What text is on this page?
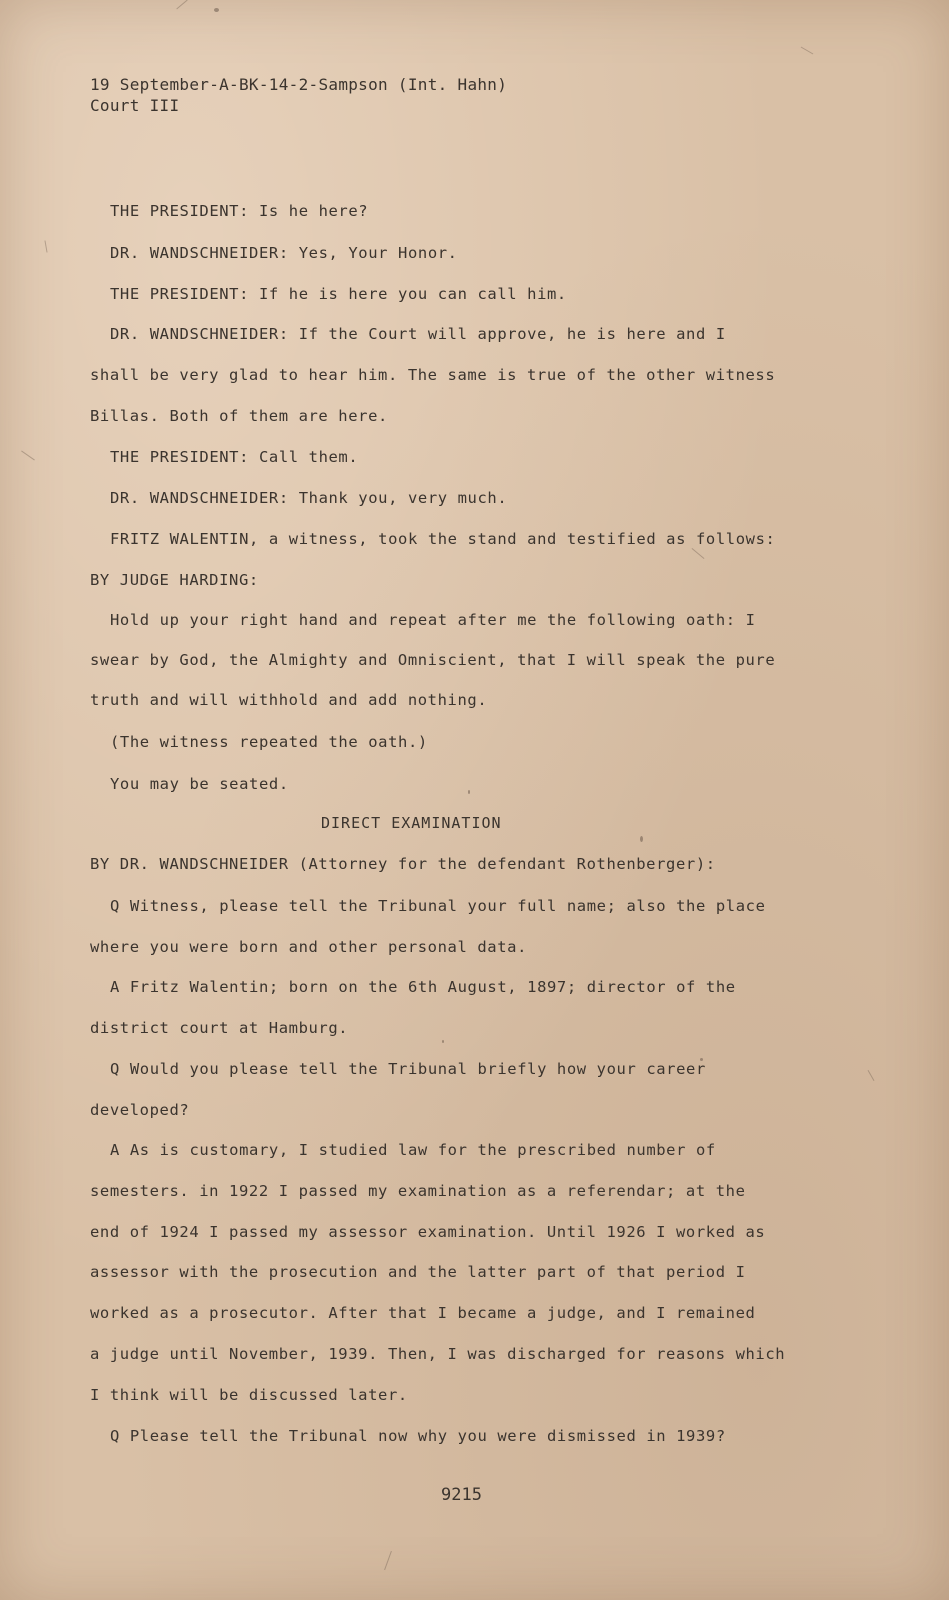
19 September-A-BK-14-2-Sampson (Int. Hahn)
Court III
THE PRESIDENT: Is he here?
DR. WANDSCHNEIDER: Yes, Your Honor.
THE PRESIDENT: If he is here you can call him.
DR. WANDSCHNEIDER: If the Court will approve, he is here and I
shall be very glad to hear him. The same is true of the other witness
Billas. Both of them are here.
THE PRESIDENT: Call them.
DR. WANDSCHNEIDER: Thank you, very much.
FRITZ WALENTIN, a witness, took the stand and testified as follows:
BY JUDGE HARDING:
Hold up your right hand and repeat after me the following oath: I
swear by God, the Almighty and Omniscient, that I will speak the pure
truth and will withhold and add nothing.
(The witness repeated the oath.)
You may be seated.
DIRECT EXAMINATION
BY DR. WANDSCHNEIDER (Attorney for the defendant Rothenberger):
Q Witness, please tell the Tribunal your full name; also the place
where you were born and other personal data.
A Fritz Walentin; born on the 6th August, 1897; director of the
district court at Hamburg.
Q Would you please tell the Tribunal briefly how your career
developed?
A As is customary, I studied law for the prescribed number of
semesters. in 1922 I passed my examination as a referendar; at the
end of 1924 I passed my assessor examination. Until 1926 I worked as
assessor with the prosecution and the latter part of that period I
worked as a prosecutor. After that I became a judge, and I remained
a judge until November, 1939. Then, I was discharged for reasons which
I think will be discussed later.
Q Please tell the Tribunal now why you were dismissed in 1939?
9215
